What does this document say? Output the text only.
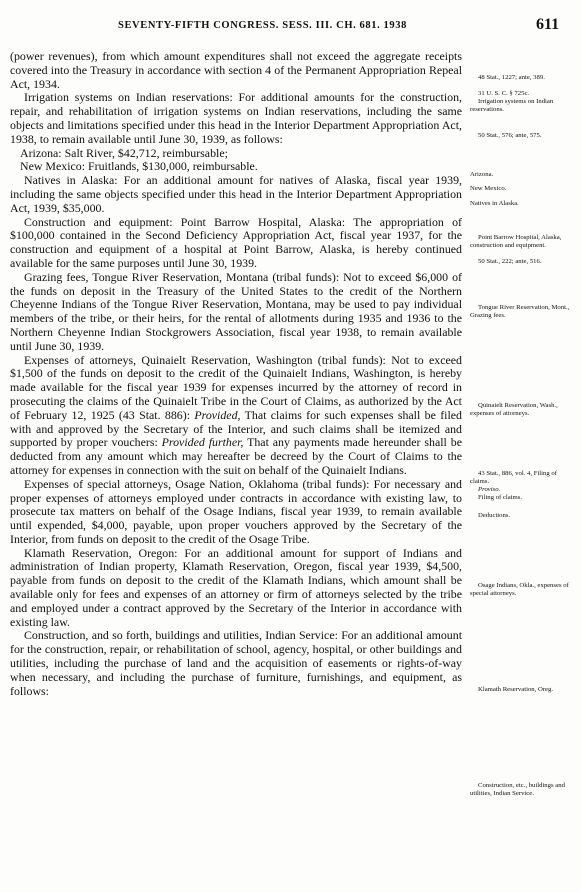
SEVENTY-FIFTH CONGRESS. SESS. III. CH. 681. 1938	611

(power revenues), from which amount expenditures shall not exceed the aggregate receipts covered into the Treasury in accordance with section 4 of the Permanent Appropriation Repeal Act, 1934.

Irrigation systems on Indian reservations: For additional amounts for the construction, repair, and rehabilitation of irrigation systems on Indian reservations, including the same objects and limitations specified under this head in the Interior Department Appropriation Act, 1938, to remain available until June 30, 1939, as follows:

Arizona: Salt River, $42,712, reimbursable;

New Mexico: Fruitlands, $130,000, reimbursable.

Natives in Alaska: For an additional amount for natives of Alaska, fiscal year 1939, including the same objects specified under this head in the Interior Department Appropriation Act, 1939, $35,000.

Construction and equipment: Point Barrow Hospital, Alaska: The appropriation of $100,000 contained in the Second Deficiency Appropriation Act, fiscal year 1937, for the construction and equipment of a hospital at Point Barrow, Alaska, is hereby continued available for the same purposes until June 30, 1939.

Grazing fees, Tongue River Reservation, Montana (tribal funds): Not to exceed $6,000 of the funds on deposit in the Treasury of the United States to the credit of the Northern Cheyenne Indians of the Tongue River Reservation, Montana, may be used to pay individual members of the tribe, or their heirs, for the rental of allotments during 1935 and 1936 to the Northern Cheyenne Indian Stockgrowers Association, fiscal year 1938, to remain available until June 30, 1939.

Expenses of attorneys, Quinaielt Reservation, Washington (tribal funds): Not to exceed $1,500 of the funds on deposit to the credit of the Quinaielt Indians, Washington, is hereby made available for the fiscal year 1939 for expenses incurred by the attorney of record in prosecuting the claims of the Quinaielt Tribe in the Court of Claims, as authorized by the Act of February 12, 1925 (43 Stat. 886): Provided, That claims for such expenses shall be filed with and approved by the Secretary of the Interior, and such claims shall be itemized and supported by proper vouchers: Provided further, That any payments made hereunder shall be deducted from any amount which may hereafter be decreed by the Court of Claims to the attorney for expenses in connection with the suit on behalf of the Quinaielt Indians.

Expenses of special attorneys, Osage Nation, Oklahoma (tribal funds): For necessary and proper expenses of attorneys employed under contracts in accordance with existing law, to prosecute tax matters on behalf of the Osage Indians, fiscal year 1939, to remain available until expended, $4,000, payable, upon proper vouchers approved by the Secretary of the Interior, from funds on deposit to the credit of the Osage Tribe.

Klamath Reservation, Oregon: For an additional amount for support of Indians and administration of Indian property, Klamath Reservation, Oregon, fiscal year 1939, $4,500, payable from funds on deposit to the credit of the Klamath Indians, which amount shall be available only for fees and expenses of an attorney or firm of attorneys selected by the tribe and employed under a contract approved by the Secretary of the Interior in accordance with existing law.

Construction, and so forth, buildings and utilities, Indian Service: For an additional amount for the construction, repair, or rehabilitation of school, agency, hospital, or other buildings and utilities, including the purchase of land and the acquisition of easements or rights-of-way when necessary, and including the purchase of furniture, furnishings, and equipment, as follows:

48 Stat., 1227; ante, 389.
31 U. S. C. § 725c.
Irrigation systems on Indian reservations.
50 Stat., 576; ante, 575.
Arizona.
New Mexico.
Natives in Alaska.
Point Barrow Hospital, Alaska, construction and equipment.
50 Stat., 222; ante, 516.
Tongue River Reservation, Mont., Grazing fees.
Quinaielt Reservation, Wash., expenses of attorneys.
43 Stat., 886, vol. 4, Filing of claims.
Proviso.
Filing of claims.
Deductions.
Osage Indians, Okla., expenses of special attorneys.
Klamath Reservation, Oreg.
Construction, etc., buildings and utilities, Indian Service.
